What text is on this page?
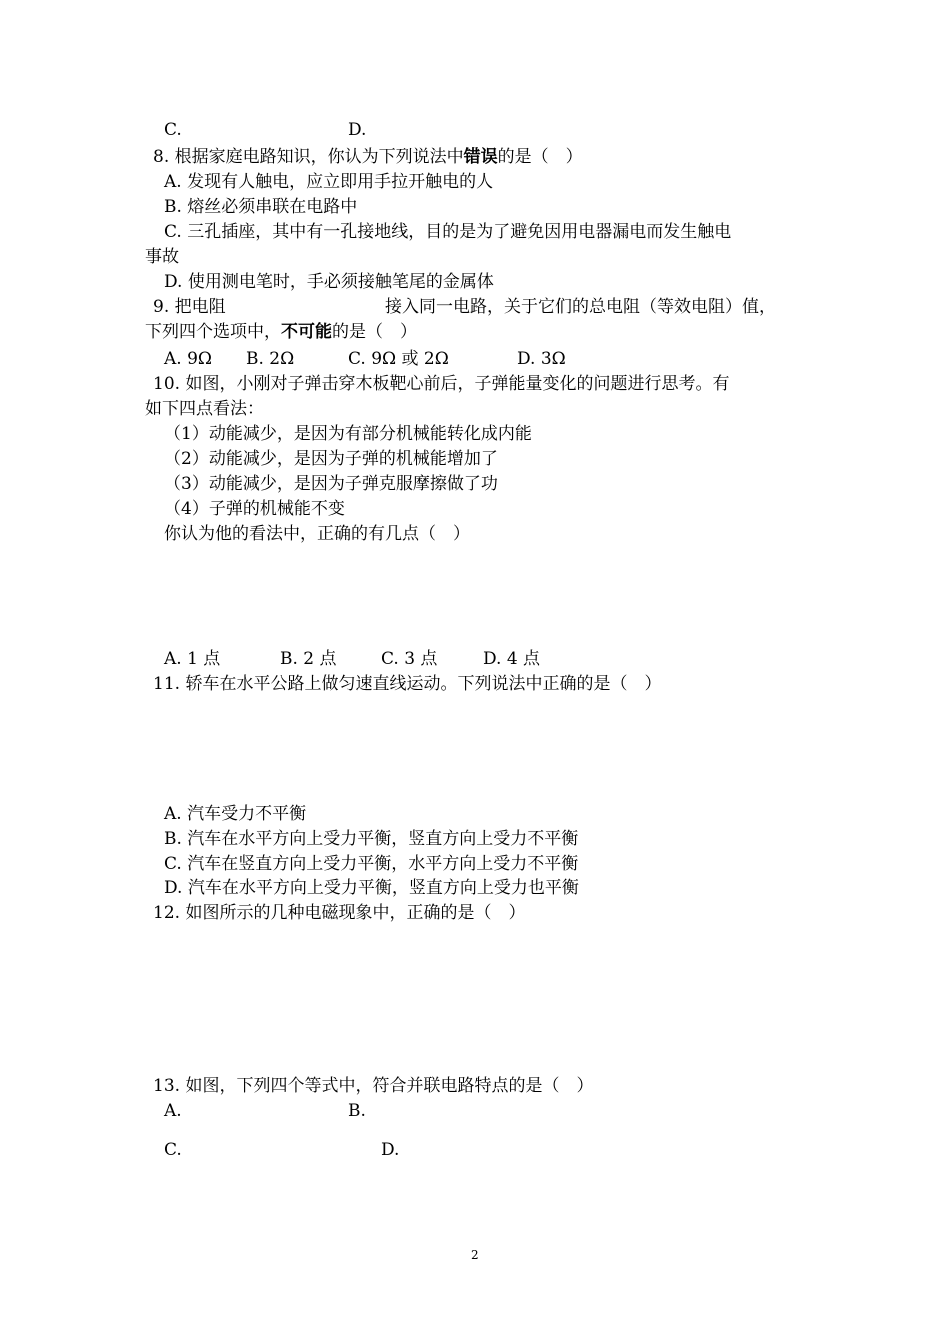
C.	D.
8. 根据家庭电路知识，你认为下列说法中错误的是（　）
A. 发现有人触电，应立即用手拉开触电的人
B. 熔丝必须串联在电路中
C. 三孔插座，其中有一孔接地线，目的是为了避免因用电器漏电而发生触电
事故
D. 使用测电笔时，手必须接触笔尾的金属体
9. 把电阻	接入同一电路，关于它们的总电阻（等效电阻）值，
下列四个选项中，不可能的是（　）
A. 9Ω B. 2Ω	C. 9Ω 或 2Ω	D. 3Ω
10. 如图，小刚对子弹击穿木板靶心前后，子弹能量变化的问题进行思考。有
如下四点看法：
（1）动能减少，是因为有部分机械能转化成内能
（2）动能减少，是因为子弹的机械能增加了
（3）动能减少，是因为子弹克服摩擦做了功
（4）子弹的机械能不变
你认为他的看法中，正确的有几点（　）
A. 1 点	B. 2 点	C. 3 点	D. 4 点
11. 轿车在水平公路上做匀速直线运动。下列说法中正确的是（　）
A. 汽车受力不平衡
B. 汽车在水平方向上受力平衡，竖直方向上受力不平衡
C. 汽车在竖直方向上受力平衡，水平方向上受力不平衡
D. 汽车在水平方向上受力平衡，竖直方向上受力也平衡
12. 如图所示的几种电磁现象中，正确的是（　）
13. 如图，下列四个等式中，符合并联电路特点的是（　）
A.	B.
C.	D.
2
